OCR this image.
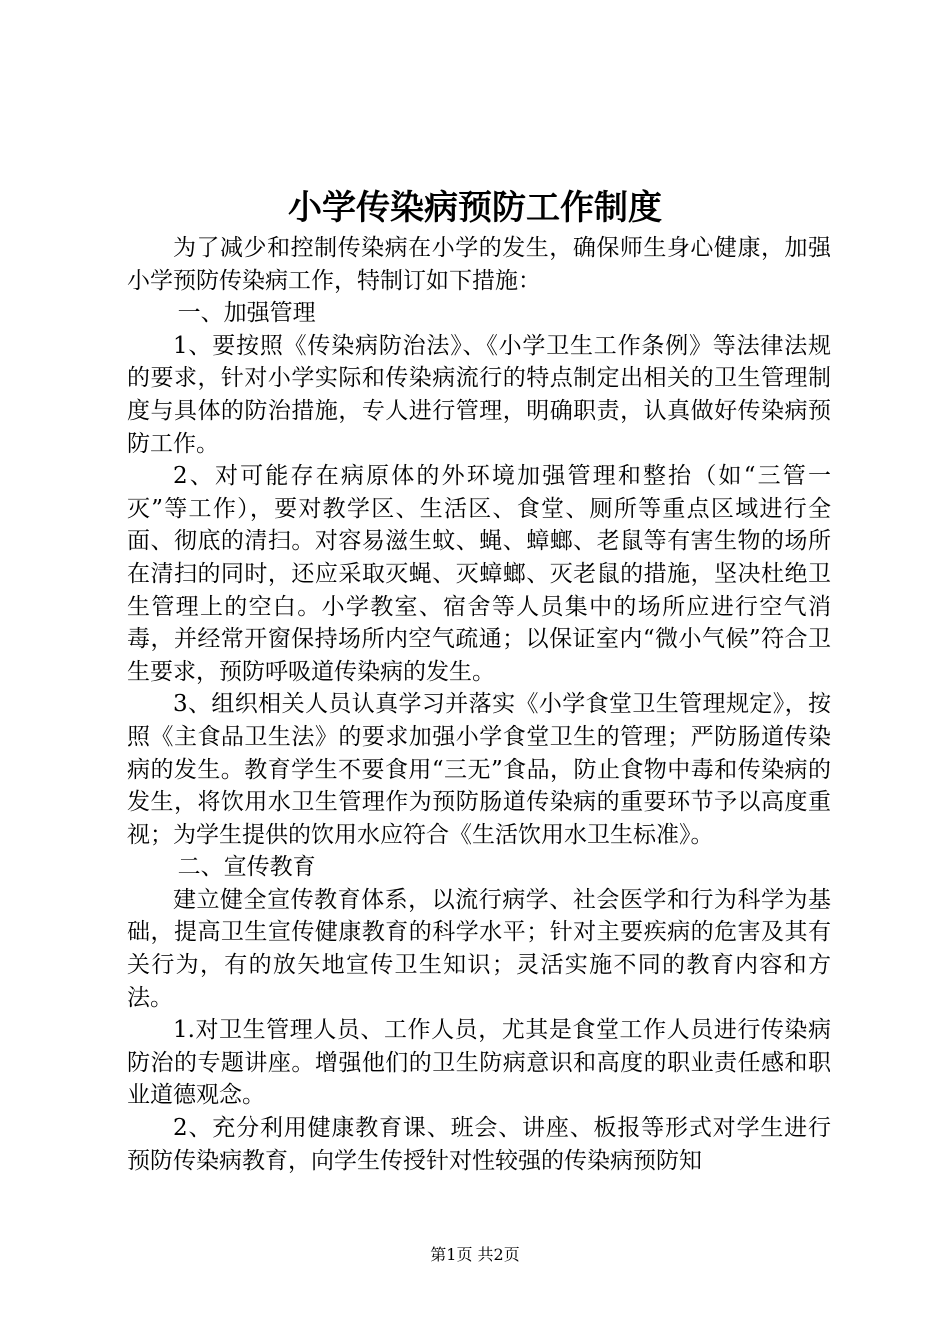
小学传染病预防工作制度

为了减少和控制传染病在小学的发生，确保师生身心健康，加强小学预防传染病工作，特制订如下措施：

一、加强管理

1、要按照《传染病防治法》、《小学卫生工作条例》等法律法规的要求，针对小学实际和传染病流行的特点制定出相关的卫生管理制度与具体的防治措施，专人进行管理，明确职责，认真做好传染病预防工作。

2、对可能存在病原体的外环境加强管理和整抬（如“三管一灭”等工作），要对教学区、生活区、食堂、厕所等重点区域进行全面、彻底的清扫。对容易滋生蚊、蝇、蟑螂、老鼠等有害生物的场所在清扫的同时，还应采取灭蝇、灭蟑螂、灭老鼠的措施，坚决杜绝卫生管理上的空白。小学教室、宿舍等人员集中的场所应进行空气消毒，并经常开窗保持场所内空气疏通；以保证室内“微小气候”符合卫生要求，预防呼吸道传染病的发生。

3、组织相关人员认真学习并落实《小学食堂卫生管理规定》，按照《主食品卫生法》的要求加强小学食堂卫生的管理；严防肠道传染病的发生。教育学生不要食用“三无”食品，防止食物中毒和传染病的发生，将饮用水卫生管理作为预防肠道传染病的重要环节予以高度重视；为学生提供的饮用水应符合《生活饮用水卫生标准》。

二、宣传教育

建立健全宣传教育体系，以流行病学、社会医学和行为科学为基础，提高卫生宣传健康教育的科学水平；针对主要疾病的危害及其有关行为，有的放矢地宣传卫生知识；灵活实施不同的教育内容和方法。

1.对卫生管理人员、工作人员，尤其是食堂工作人员进行传染病防治的专题讲座。增强他们的卫生防病意识和高度的职业责任感和职业道德观念。

2、充分利用健康教育课、班会、讲座、板报等形式对学生进行预防传染病教育，向学生传授针对性较强的传染病预防知

第1页 共2页
